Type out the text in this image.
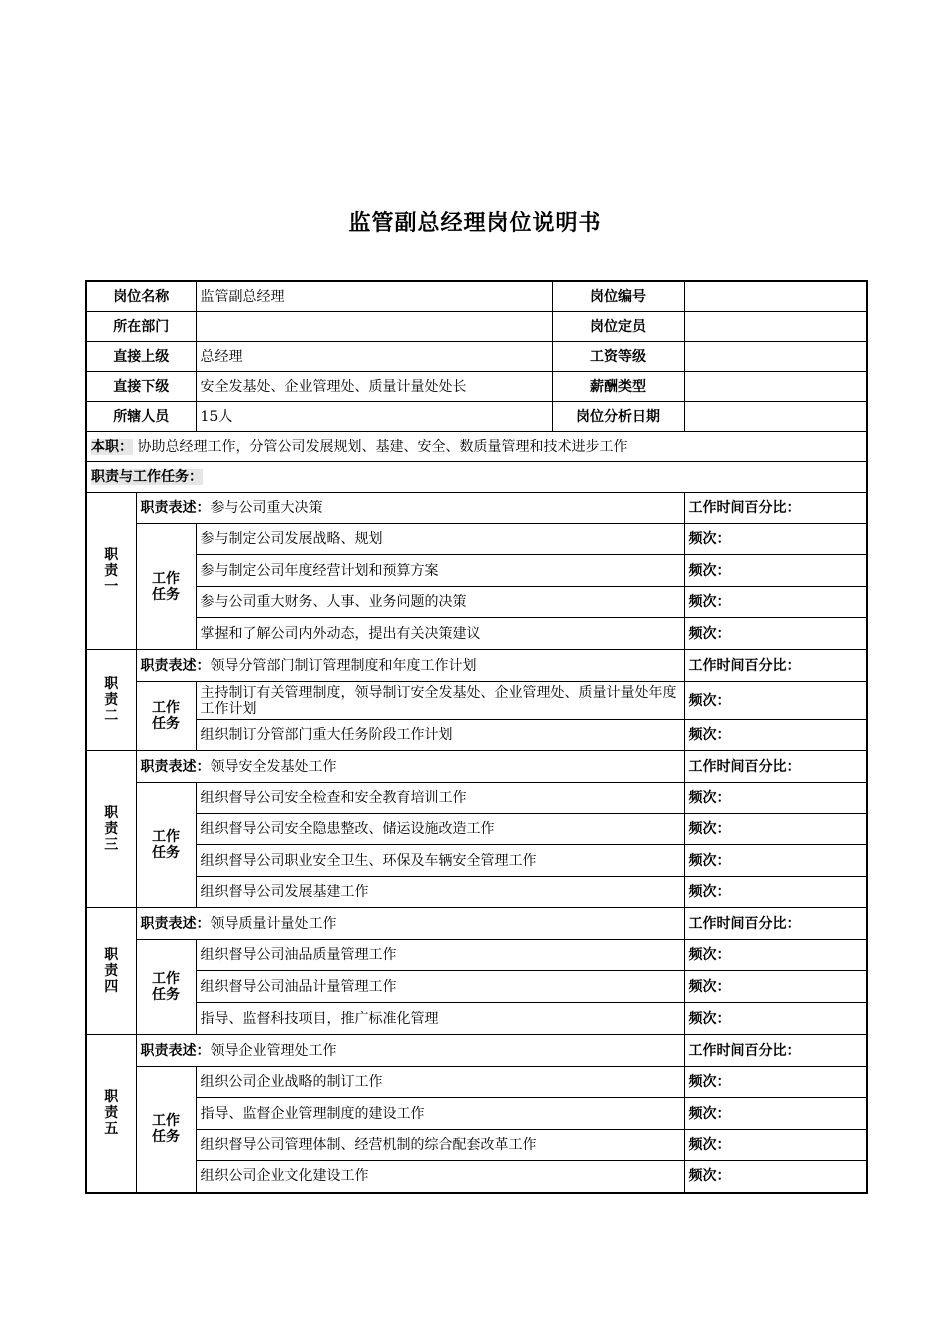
监管副总经理岗位说明书
岗位名称		监管副总经理	岗位编号	
所在部门			岗位定员	
直接上级		总经理	工资等级	
直接下级		安全发基处、企业管理处、质量计量处处长	薪酬类型	
所辖人员		15人	岗位分析日期	
本职： 协助总经理工作，分管公司发展规划、基建、安全、数质量管理和技术进步工作				
职责与工作任务：				

职
责
一	职责表述：参与公司重大决策			工作时间百分比：

	工作
任务	参与制定公司发展战略、规划		频次：
		参与制定公司年度经营计划和预算方案		频次：
		参与公司重大财务、人事、业务问题的决策		频次：
		掌握和了解公司内外动态，提出有关决策建议		频次：

职
责
二	职责表述：领导分管部门制订管理制度和年度工作计划			工作时间百分比：

	工作
任务	主持制订有关管理制度，领导制订安全发基处、企业管理处、质量计量处年度工作计划		频次：
		组织制订分管部门重大任务阶段工作计划		频次：

职
责
三	职责表述：领导安全发基处工作			工作时间百分比：

	工作
任务	组织督导公司安全检查和安全教育培训工作		频次：
		组织督导公司安全隐患整改、储运设施改造工作		频次：
		组织督导公司职业安全卫生、环保及车辆安全管理工作		频次：
		组织督导公司发展基建工作		频次：

职
责
四	职责表述：领导质量计量处工作			工作时间百分比：

	工作
任务	组织督导公司油品质量管理工作		频次：
		组织督导公司油品计量管理工作		频次：
		指导、监督科技项目，推广标准化管理		频次：

职
责
五	职责表述：领导企业管理处工作			工作时间百分比：

	工作
任务	组织公司企业战略的制订工作		频次：
		指导、监督企业管理制度的建设工作		频次：
		组织督导公司管理体制、经营机制的综合配套改革工作		频次：
		组织公司企业文化建设工作		频次：
